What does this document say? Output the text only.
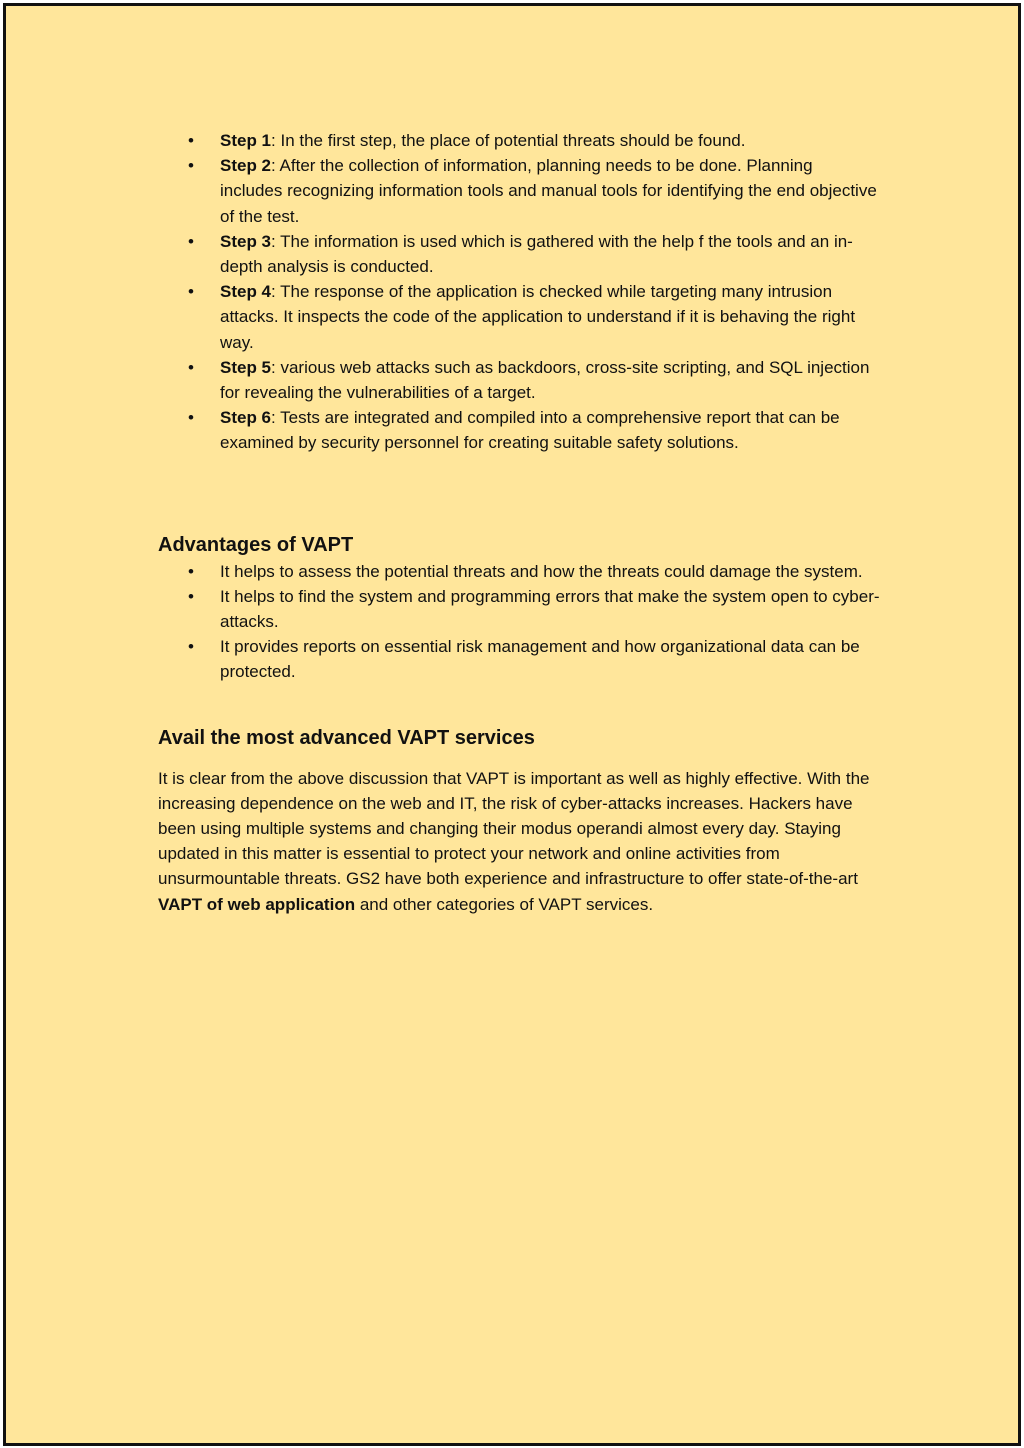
• Step 1: In the first step, the place of potential threats should be found.
• Step 2: After the collection of information, planning needs to be done. Planning includes recognizing information tools and manual tools for identifying the end objective of the test.
• Step 3: The information is used which is gathered with the help f the tools and an in-depth analysis is conducted.
• Step 4: The response of the application is checked while targeting many intrusion attacks. It inspects the code of the application to understand if it is behaving the right way.
• Step 5: various web attacks such as backdoors, cross-site scripting, and SQL injection for revealing the vulnerabilities of a target.
• Step 6: Tests are integrated and compiled into a comprehensive report that can be examined by security personnel for creating suitable safety solutions.
Advantages of VAPT
• It helps to assess the potential threats and how the threats could damage the system.
• It helps to find the system and programming errors that make the system open to cyber-attacks.
• It provides reports on essential risk management and how organizational data can be protected.
Avail the most advanced VAPT services

It is clear from the above discussion that VAPT is important as well as highly effective. With the increasing dependence on the web and IT, the risk of cyber-attacks increases. Hackers have been using multiple systems and changing their modus operandi almost every day. Staying updated in this matter is essential to protect your network and online activities from unsurmountable threats. GS2 have both experience and infrastructure to offer state-of-the-art VAPT of web application and other categories of VAPT services.
